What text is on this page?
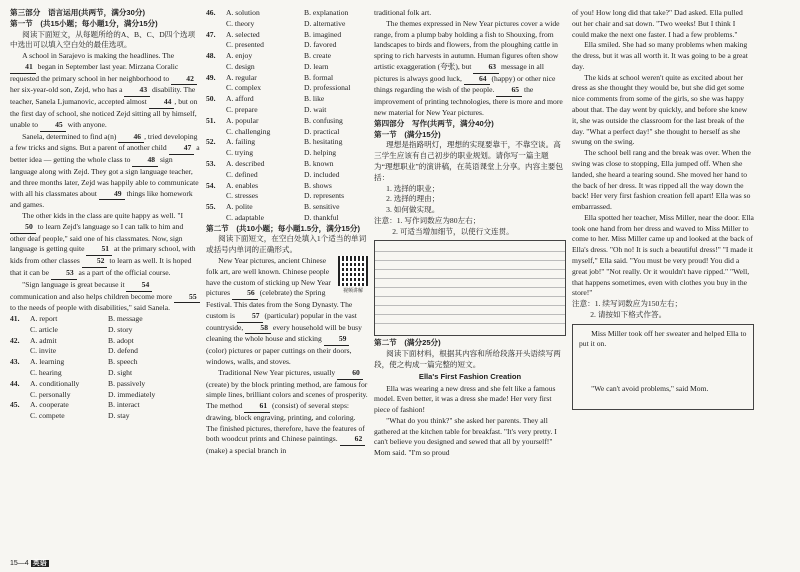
第三部分　语言运用(共两节，满分30分)

第一节　(共15小题；每小题1分，满分15分)

阅读下面短文，从每题所给的A、B、C、D四个选项中选出可以填入空白处的最佳选项。

A school in Sarajevo is making the headlines. The 41 began in September last year. Mirzana Coralic requested the primary school in her neighborhood to 42 her six-year-old son, Zejd, who has a 43 disability. The teacher, Sanela Ljumanovic, accepted almost 44 , but on the first day of school, she noticed Zejd sitting all by himself, unable to 45 with anyone.

Sanela, determined to find a(n) 46 , tried developing a few tricks and signs. But a parent of another child 47 a better idea — getting the whole class to 48 sign language along with Zejd. They got a sign language teacher, and three months later, Zejd was happily able to communicate with all his classmates about 49 things like homework and games.

The other kids in the class are quite happy as well. "I 50 to learn Zejd's language so I can talk to him and other deaf people," said one of his classmates. Now, sign language is getting quite 51 at the primary school, with kids from other classes 52 to learn as well. It is hoped that it can be 53 as a part of the official course.

"Sign language is great because it 54 communication and also helps children become more 55 to the needs of people with disabilities," said Sanela.

41.	A. report	B. message
C. article	D. story
42.	A. admit	B. adopt
C. invite	D. defend
43.	A. learning	B. speech
C. hearing	D. sight
44.	A. conditionally	B. passively
C. personally	D. immediately
45.	A. cooperate	B. interact
C. compete	D. stay
46.	A. solution	B. explanation
C. theory	D. alternative
47.	A. selected	B. imagined
C. presented	D. favored
48.	A. enjoy	B. create
C. design	D. learn
49.	A. regular	B. formal
C. complex	D. professional
50.	A. afford	B. like
C. prepare	D. wait
51.	A. popular	B. confusing
C. challenging	D. practical
52.	A. failing	B. hesitating
C. trying	D. helping
53.	A. described	B. known
C. defined	D. included
54.	A. enables	B. shows
C. stresses	D. represents
55.	A. polite	B. sensitive
C. adaptable	D. thankful

第二节　(共10小题；每小题1.5分，满分15分)

阅读下面短文，在空白处填入1个适当的单词或括号内单词的正确形式。

视频讲解

New Year pictures, ancient Chinese folk art, are well known. Chinese people have the custom of sticking up New Year pictures 56 (celebrate) the Spring Festival. This dates from the Song Dynasty. The custom is 57 (particular) popular in the vast countryside, 58 every household will be busy cleaning the whole house and sticking 59 (color) pictures or paper cuttings on their doors, windows, walls, and stoves.

Traditional New Year pictures, usually 60 (create) by the block printing method, are famous for simple lines, brilliant colors and scenes of prosperity. The method 61 (consist) of several steps: drawing, block engraving, printing, and coloring. The finished pictures, therefore, have the features of both woodcut prints and Chinese paintings. 62 (make) a special branch in

traditional folk art.

The themes expressed in New Year pictures cover a wide range, from a plump baby holding a fish to Shouxing, from landscapes to birds and flowers, from the ploughing cattle in spring to rich harvests in autumn. Human figures often show artistic exaggeration (夸张), but 63 message in all pictures is always good luck, 64 (happy) or other nice things regarding the wish of the people. 65 the improvement of printing technologies, there is more and more new material for New Year pictures.

第四部分　写作(共两节，满分40分)

第一节　(满分15分)

理想是指路明灯，理想的实现要靠干，不靠空谈。高三学生应该有自己初步的职业规划。请你写一篇主题为“理想职业”的演讲稿，在英语课堂上分享。内容主要包括：

1. 选择的职业；

2. 选择的理由；

3. 如何做实现。

注意：1. 写作词数应为80左右；

2. 可适当增加细节，以使行文连贯。

第二节　(满分25分)

阅读下面材料，根据其内容和所给段落开头语续写两段，使之构成一篇完整的短文。

Ella's First Fashion Creation

Ella was wearing a new dress and she felt like a famous model. Even better, it was a dress she made! Her very first piece of fashion!

"What do you think?" she asked her parents. They all gathered at the kitchen table for breakfast. "It's very pretty. I can't believe you designed and sewed that all by yourself!" Mom said. "I'm so proud

of you! How long did that take?" Dad asked. Ella pulled out her chair and sat down. "Two weeks! But I think I could make the next one faster. I had a few problems."

Ella smiled. She had so many problems when making the dress, but it was all worth it. It was going to be a great day.

The kids at school weren't quite as excited about her dress as she thought they would be, but she did get some nice comments from some of the girls, so she was happy about that. The day went by quickly, and before she knew it, she was outside the classroom for the last break of the day. "What a perfect day!" she thought to herself as she swung on the swing.

The school bell rang and the break was over. When the swing was close to stopping, Ella jumped off. When she landed, she heard a tearing sound. She moved her hand to the back of her dress. It was ripped all the way down the back! Her very first fashion creation fell apart! Ella was so embarrassed.

Ella spotted her teacher, Miss Miller, near the door. Ella took one hand from her dress and waved to Miss Miller to come to her. Miss Miller came up and looked at the back of Ella's dress. "Oh no! It is such a beautiful dress!" "I made it myself," Ella said. "You must be very proud! You did a great job!" "Not really. Or it wouldn't have ripped." "Well, that happens sometimes, even with clothes you buy in the store!"

注意：1. 续写词数应为150左右；

2. 请按如下格式作答。

Miss Miller took off her sweater and helped Ella to put it on.

"We can't avoid problems," said Mom.

15—4 英语
